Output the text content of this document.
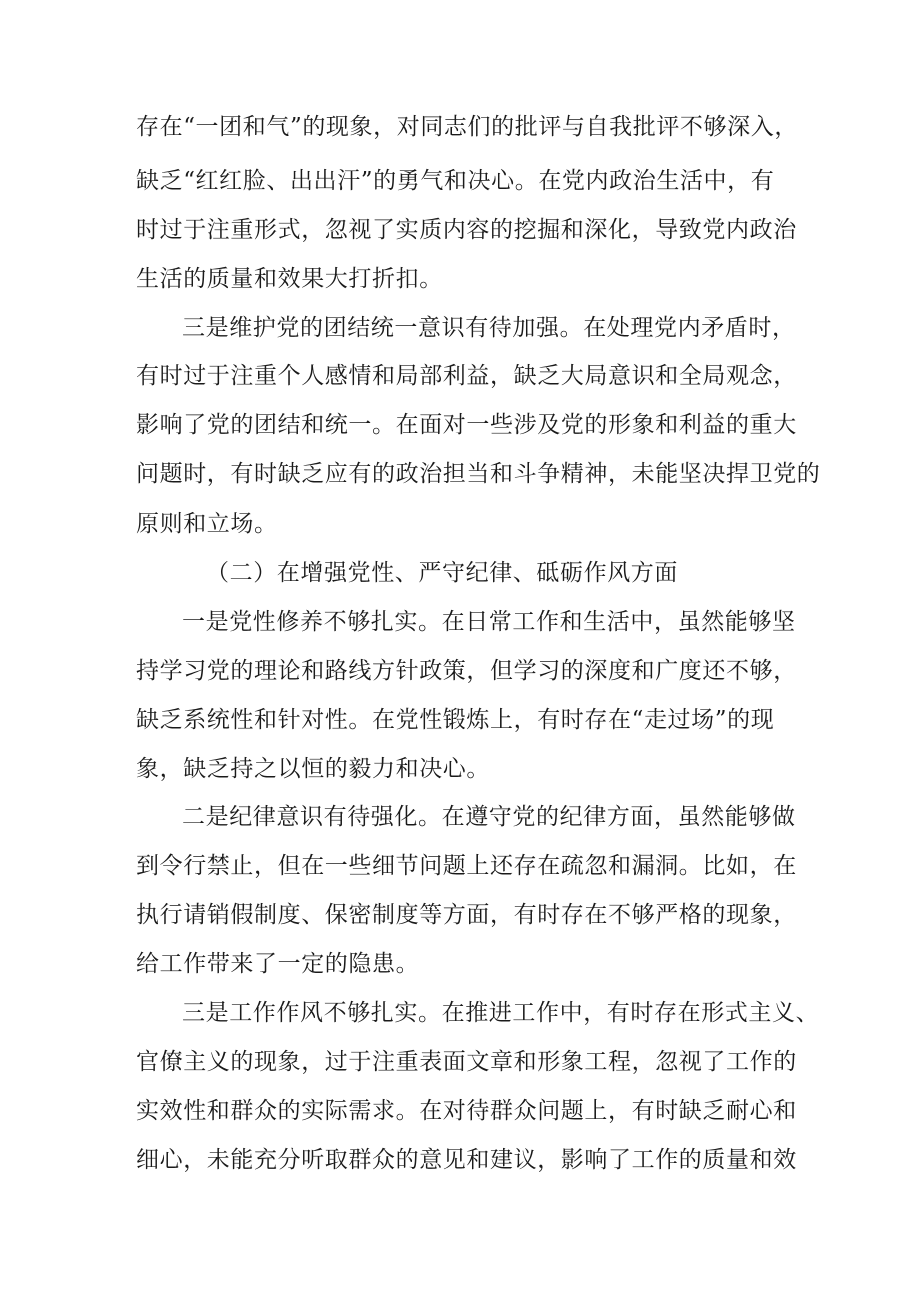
存在“一团和气”的现象，对同志们的批评与自我批评不够深入，
缺乏“红红脸、出出汗”的勇气和决心。在党内政治生活中，有
时过于注重形式，忽视了实质内容的挖掘和深化，导致党内政治
生活的质量和效果大打折扣。
三是维护党的团结统一意识有待加强。在处理党内矛盾时，
有时过于注重个人感情和局部利益，缺乏大局意识和全局观念，
影响了党的团结和统一。在面对一些涉及党的形象和利益的重大
问题时，有时缺乏应有的政治担当和斗争精神，未能坚决捍卫党的
原则和立场。
（二）在增强党性、严守纪律、砥砺作风方面
一是党性修养不够扎实。在日常工作和生活中，虽然能够坚
持学习党的理论和路线方针政策，但学习的深度和广度还不够，
缺乏系统性和针对性。在党性锻炼上，有时存在“走过场”的现
象，缺乏持之以恒的毅力和决心。
二是纪律意识有待强化。在遵守党的纪律方面，虽然能够做
到令行禁止，但在一些细节问题上还存在疏忽和漏洞。比如，在
执行请销假制度、保密制度等方面，有时存在不够严格的现象，
给工作带来了一定的隐患。
三是工作作风不够扎实。在推进工作中，有时存在形式主义、
官僚主义的现象，过于注重表面文章和形象工程，忽视了工作的
实效性和群众的实际需求。在对待群众问题上，有时缺乏耐心和
细心，未能充分听取群众的意见和建议，影响了工作的质量和效
